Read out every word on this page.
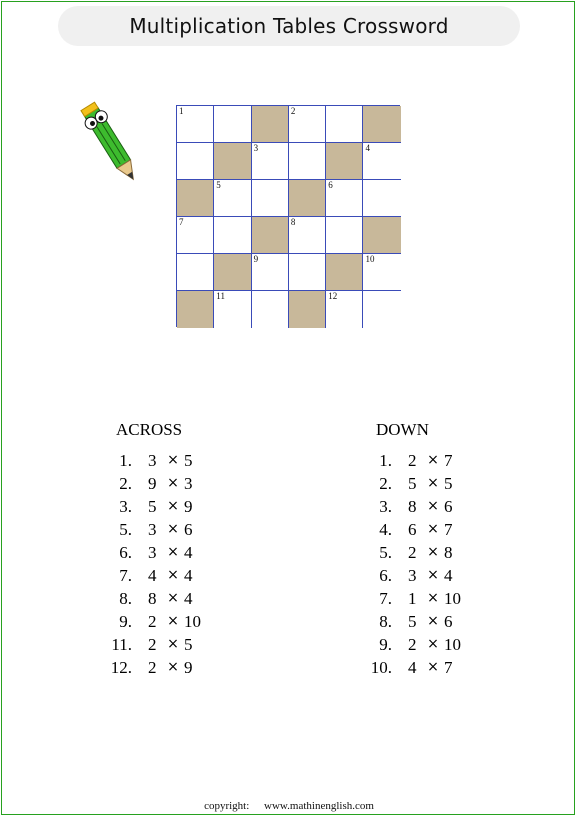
Multiplication Tables Crossword
1	2
3	4
5	6
7	8
9	10
11	12
ACROSS
1. 3 × 5
2. 9 × 3
3. 5 × 9
5. 3 × 6
6. 3 × 4
7. 4 × 4
8. 8 × 4
9. 2 × 10
11. 2 × 5
12. 2 × 9
DOWN
1. 2 × 7
2. 5 × 5
3. 8 × 6
4. 6 × 7
5. 2 × 8
6. 3 × 4
7. 1 × 10
8. 5 × 6
9. 2 × 10
10. 4 × 7
copyright: www.mathinenglish.com
